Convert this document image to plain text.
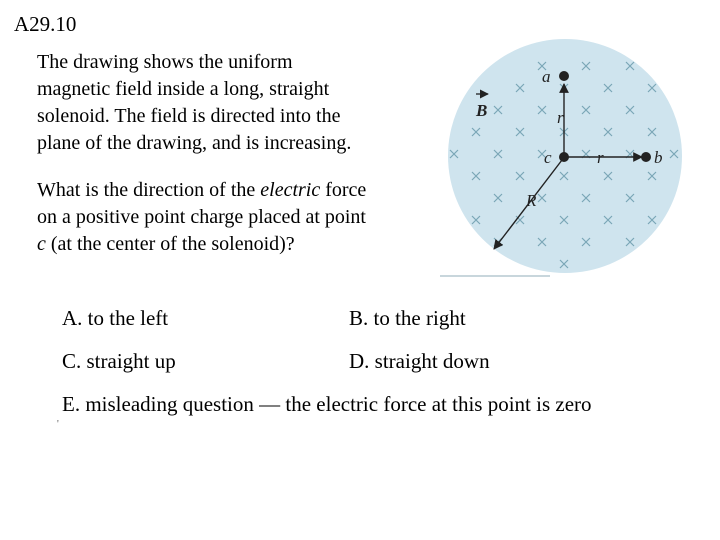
A29.10
The drawing shows the uniform
magnetic field inside a long, straight
solenoid. The field is directed into the
plane of the drawing, and is increasing.
What is the direction of the electric force
on a positive point charge placed at point
c (at the center of the solenoid)?
A. to the left	B. to the right
C. straight up	D. straight down
E. misleading question — the electric force at this point is zero
'
B
a
r
c	r	b
R
